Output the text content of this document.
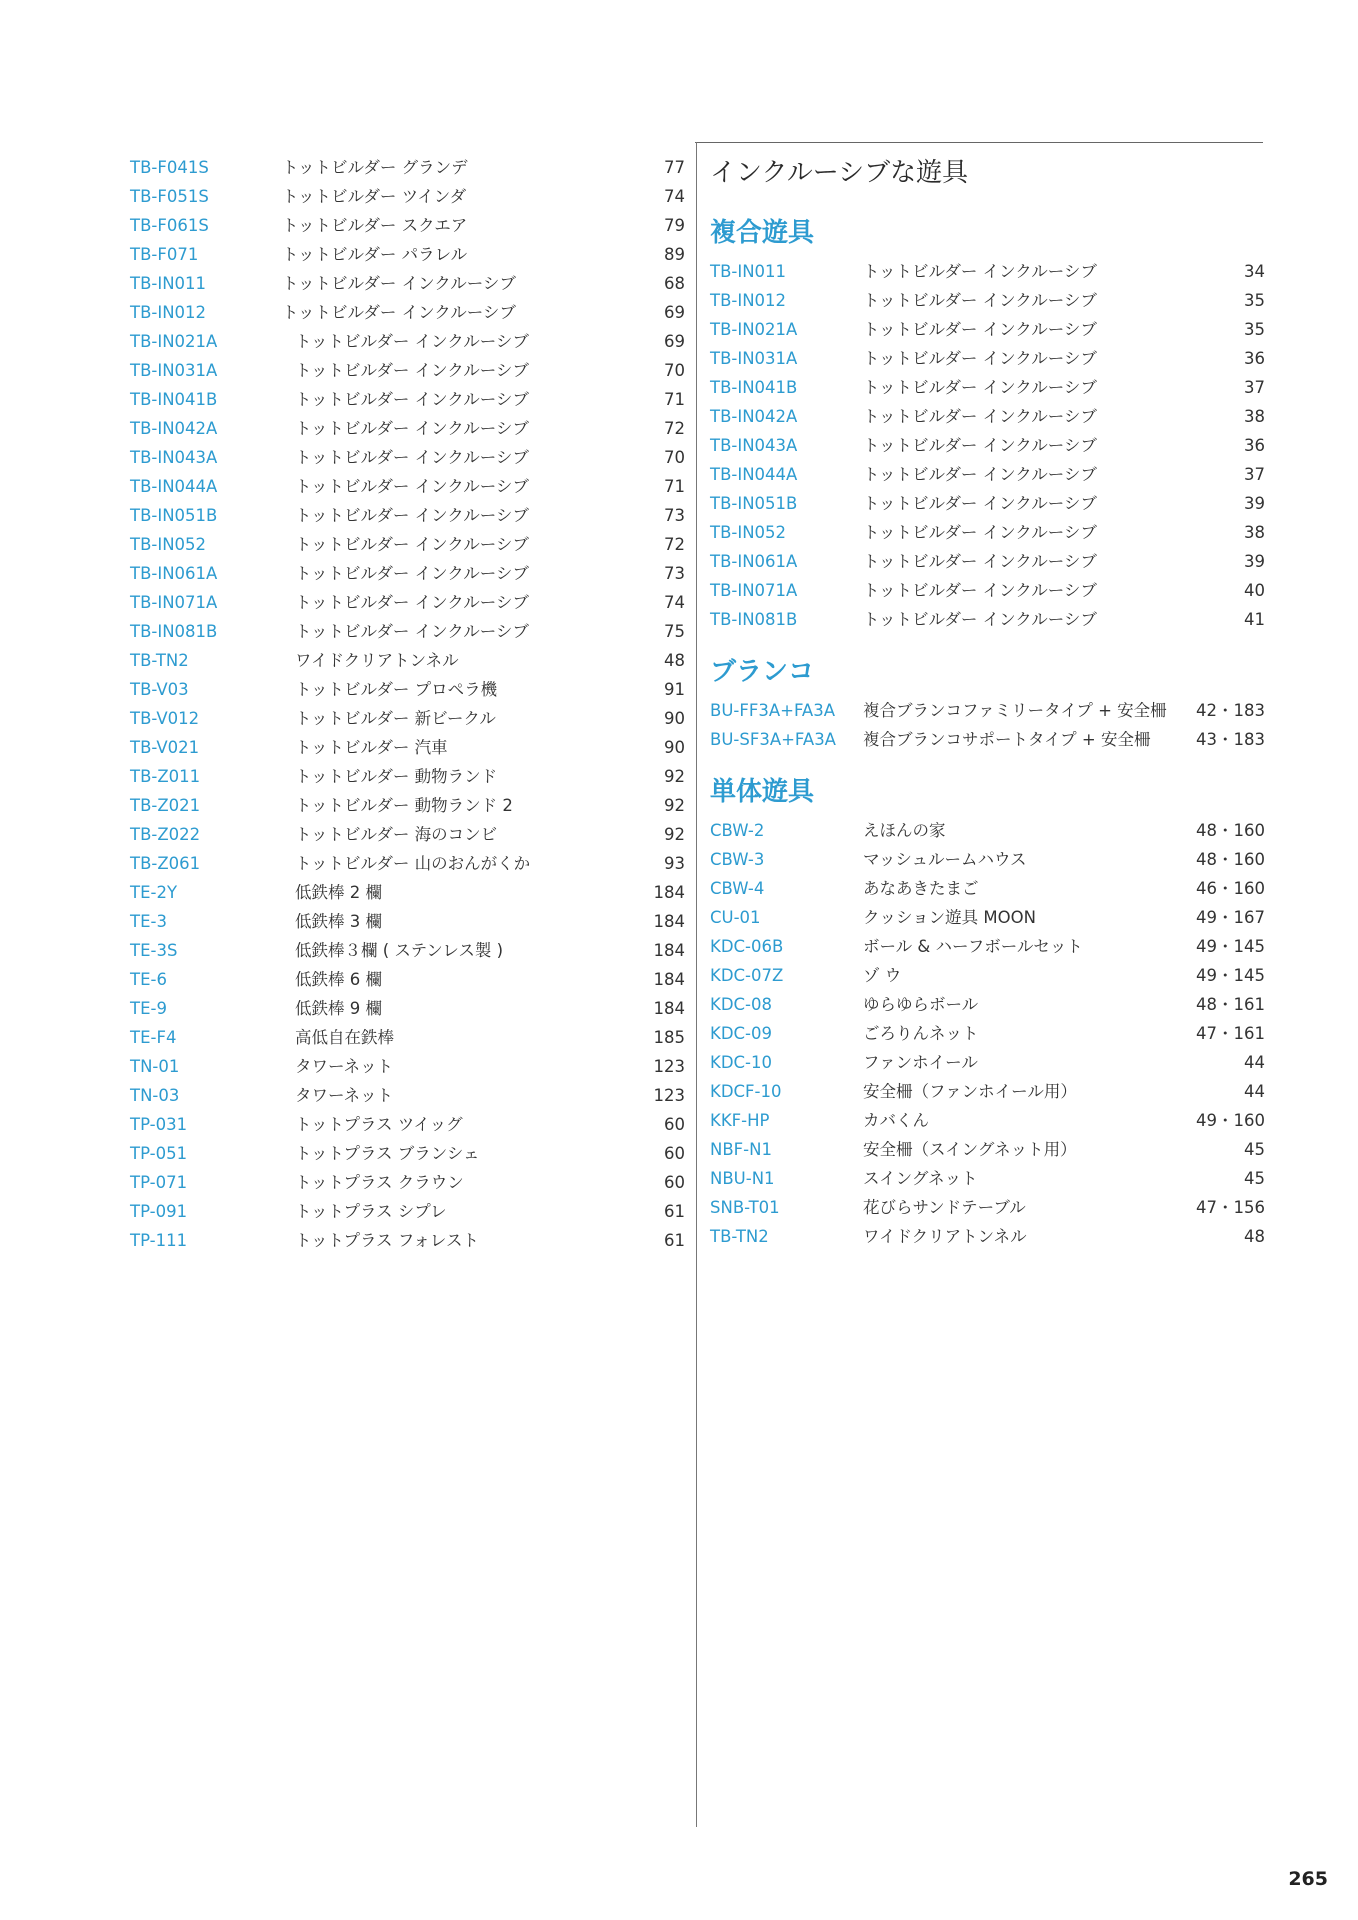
TB-F041S	トットビルダー グランデ	77
TB-F051S	トットビルダー ツインダ	74
TB-F061S	トットビルダー スクエア	79
TB-F071	トットビルダー パラレル	89
TB-IN011	トットビルダー インクルーシブ	68
TB-IN012	トットビルダー インクルーシブ	69
TB-IN021A	トットビルダー インクルーシブ	69
TB-IN031A	トットビルダー インクルーシブ	70
TB-IN041B	トットビルダー インクルーシブ	71
TB-IN042A	トットビルダー インクルーシブ	72
TB-IN043A	トットビルダー インクルーシブ	70
TB-IN044A	トットビルダー インクルーシブ	71
TB-IN051B	トットビルダー インクルーシブ	73
TB-IN052	トットビルダー インクルーシブ	72
TB-IN061A	トットビルダー インクルーシブ	73
TB-IN071A	トットビルダー インクルーシブ	74
TB-IN081B	トットビルダー インクルーシブ	75
TB-TN2	ワイドクリアトンネル	48
TB-V03	トットビルダー プロペラ機	91
TB-V012	トットビルダー 新ビークル	90
TB-V021	トットビルダー 汽車	90
TB-Z011	トットビルダー 動物ランド	92
TB-Z021	トットビルダー 動物ランド 2	92
TB-Z022	トットビルダー 海のコンビ	92
TB-Z061	トットビルダー 山のおんがくか	93
TE-2Y	低鉄棒 2 欄	184
TE-3	低鉄棒 3 欄	184
TE-3S	低鉄棒３欄 ( ステンレス製 )	184
TE-6	低鉄棒 6 欄	184
TE-9	低鉄棒 9 欄	184
TE-F4	高低自在鉄棒	185
TN-01	タワーネット	123
TN-03	タワーネット	123
TP-031	トットプラス ツイッグ	60
TP-051	トットプラス ブランシェ	60
TP-071	トットプラス クラウン	60
TP-091	トットプラス シプレ	61
TP-111	トットプラス フォレスト	61
インクルーシブな遊具
複合遊具
TB-IN011	トットビルダー インクルーシブ	34
TB-IN012	トットビルダー インクルーシブ	35
TB-IN021A	トットビルダー インクルーシブ	35
TB-IN031A	トットビルダー インクルーシブ	36
TB-IN041B	トットビルダー インクルーシブ	37
TB-IN042A	トットビルダー インクルーシブ	38
TB-IN043A	トットビルダー インクルーシブ	36
TB-IN044A	トットビルダー インクルーシブ	37
TB-IN051B	トットビルダー インクルーシブ	39
TB-IN052	トットビルダー インクルーシブ	38
TB-IN061A	トットビルダー インクルーシブ	39
TB-IN071A	トットビルダー インクルーシブ	40
TB-IN081B	トットビルダー インクルーシブ	41
ブランコ
BU-FF3A+FA3A 複合ブランコファミリータイプ + 安全柵 42・183
BU-SF3A+FA3A 複合ブランコサポートタイプ + 安全柵	43・183
単体遊具
CBW-2	えほんの家	48・160
CBW-3	マッシュルームハウス	48・160
CBW-4	あなあきたまご	46・160
CU-01	クッション遊具 MOON	49・167
KDC-06B	ボール & ハーフボールセット	49・145
KDC-07Z	ゾ ウ	49・145
KDC-08	ゆらゆらボール	48・161
KDC-09	ごろりんネット	47・161
KDC-10	ファンホイール	44
KDCF-10	安全柵（ファンホイール用）	44
KKF-HP	カバくん	49・160
NBF-N1	安全柵（スイングネット用）	45
NBU-N1	スイングネット	45
SNB-T01	花びらサンドテーブル	47・156
TB-TN2	ワイドクリアトンネル	48
265
